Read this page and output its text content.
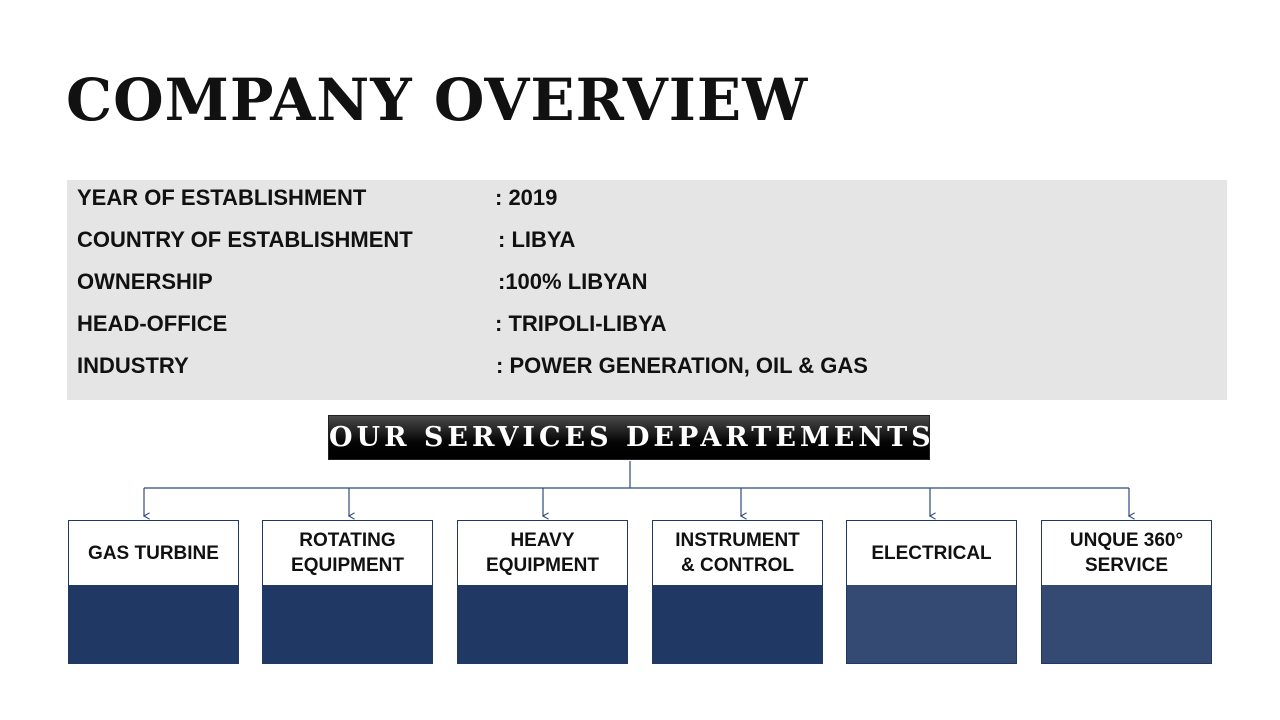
COMPANY OVERVIEW
YEAR OF ESTABLISHMENT	: 2019
COUNTRY OF ESTABLISHMENT	: LIBYA
OWNERSHIP	:100% LIBYAN
HEAD-OFFICE	: TRIPOLI-LIBYA
INDUSTRY	: POWER GENERATION, OIL & GAS
OUR SERVICES DEPARTEMENTS
GAS TURBINE
ROTATING
EQUIPMENT
HEAVY
EQUIPMENT
INSTRUMENT
& CONTROL
ELECTRICAL
UNQUE 360°
SERVICE
